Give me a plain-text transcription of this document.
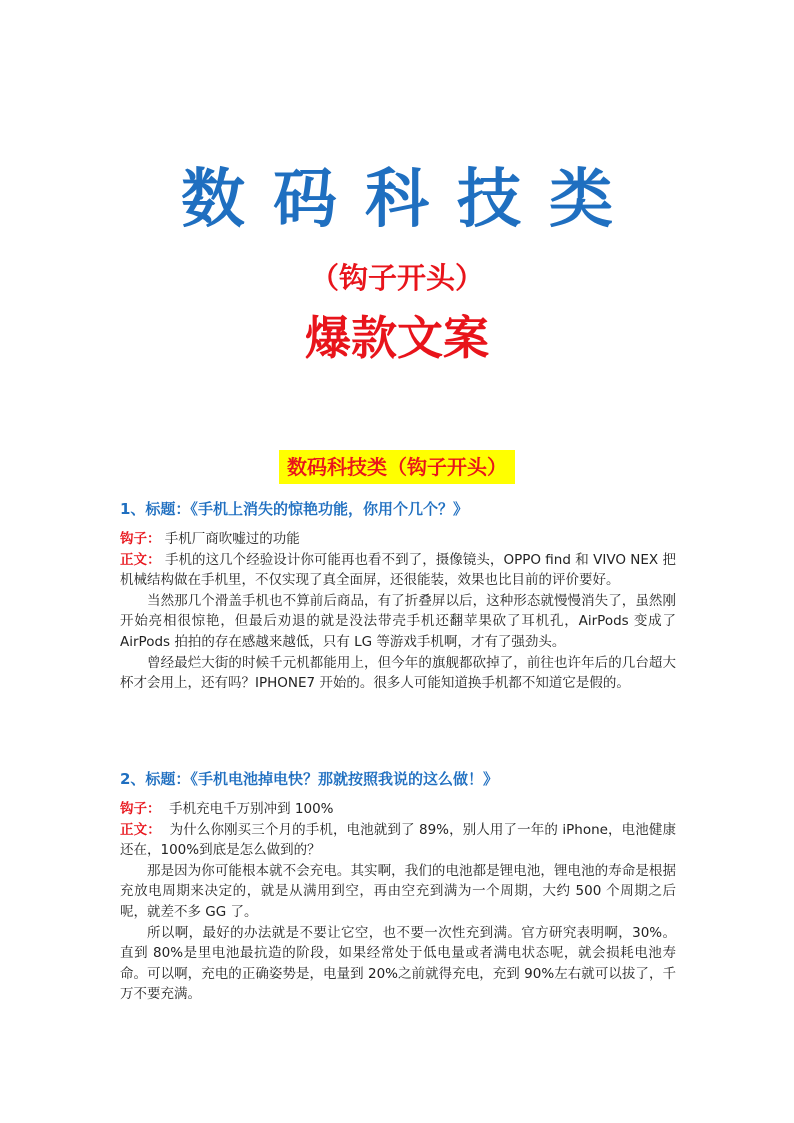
数码科技类
（钩子开头）
爆款文案
数码科技类（钩子开头）
1、标题：《手机上消失的惊艳功能，你用个几个？》

钩子： 手机厂商吹嘘过的功能

正文： 手机的这几个经验设计你可能再也看不到了，摄像镜头，OPPO find 和 VIVO NEX 把机械结构做在手机里，不仅实现了真全面屏，还很能装，效果也比目前的评价要好。

当然那几个滑盖手机也不算前后商品，有了折叠屏以后，这种形态就慢慢消失了，虽然刚开始亮相很惊艳，但最后劝退的就是没法带壳手机还翻苹果砍了耳机孔，AirPods 变成了 AirPods 拍拍的存在感越来越低，只有 LG 等游戏手机啊，才有了强劲头。

曾经最烂大街的时候千元机都能用上，但今年的旗舰都砍掉了，前往也许年后的几台超大杯才会用上，还有吗？IPHONE7 开始的。很多人可能知道换手机都不知道它是假的。

2、标题：《手机电池掉电快？那就按照我说的这么做！》

钩子： 手机充电千万别冲到 100%

正文： 为什么你刚买三个月的手机，电池就到了 89%，别人用了一年的 iPhone，电池健康还在，100%到底是怎么做到的？

那是因为你可能根本就不会充电。其实啊，我们的电池都是锂电池，锂电池的寿命是根据充放电周期来决定的，就是从满用到空，再由空充到满为一个周期，大约 500 个周期之后呢，就差不多 GG 了。

所以啊，最好的办法就是不要让它空，也不要一次性充到满。官方研究表明啊，30%。直到 80%是里电池最抗造的阶段，如果经常处于低电量或者满电状态呢，就会损耗电池寿命。可以啊，充电的正确姿势是，电量到 20%之前就得充电，充到 90%左右就可以拔了，千万不要充满。
